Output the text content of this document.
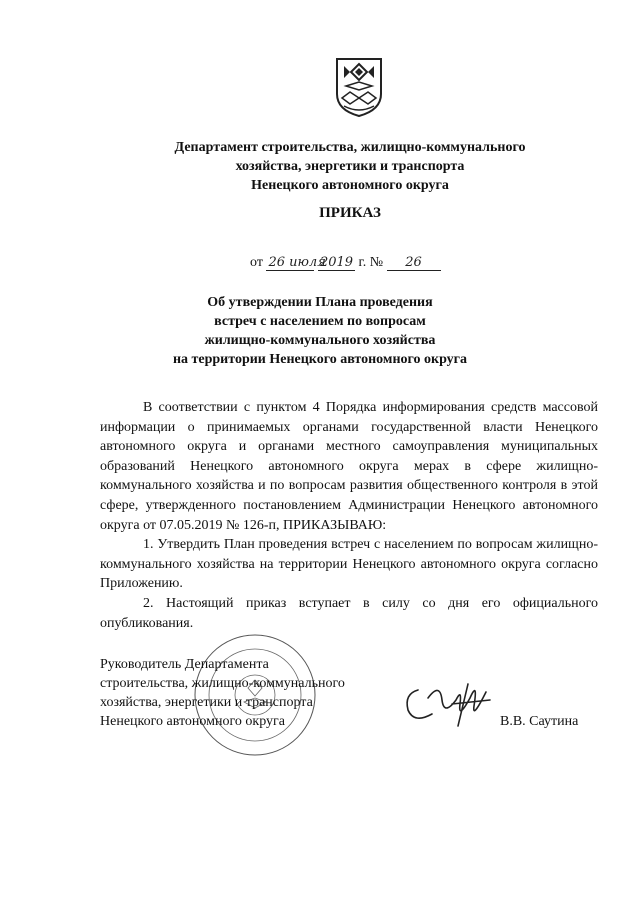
Департамент строительства, жилищно-коммунального
хозяйства, энергетики и транспорта
Ненецкого автономного округа
ПРИКАЗ
от 26 июля 2019 г. № 26
Об утверждении Плана проведения
встреч с населением по вопросам
жилищно-коммунального хозяйства
на территории Ненецкого автономного округа

В соответствии с пунктом 4 Порядка информирования средств массовой информации о принимаемых органами государственной власти Ненецкого автономного округа и органами местного самоуправления муниципальных образований Ненецкого автономного округа мерах в сфере жилищно-коммунального хозяйства и по вопросам развития общественного контроля в этой сфере, утвержденного постановлением Администрации Ненецкого автономного округа от 07.05.2019 № 126-п, ПРИКАЗЫВАЮ:

1. Утвердить План проведения встреч с населением по вопросам жилищно-коммунального хозяйства на территории Ненецкого автономного округа согласно Приложению.

2. Настоящий приказ вступает в силу со дня его официального опубликования.

Руководитель Департамента
строительства, жилищно-коммунального
хозяйства, энергетики и транспорта
Ненецкого автономного округа	В.В. Саутина
